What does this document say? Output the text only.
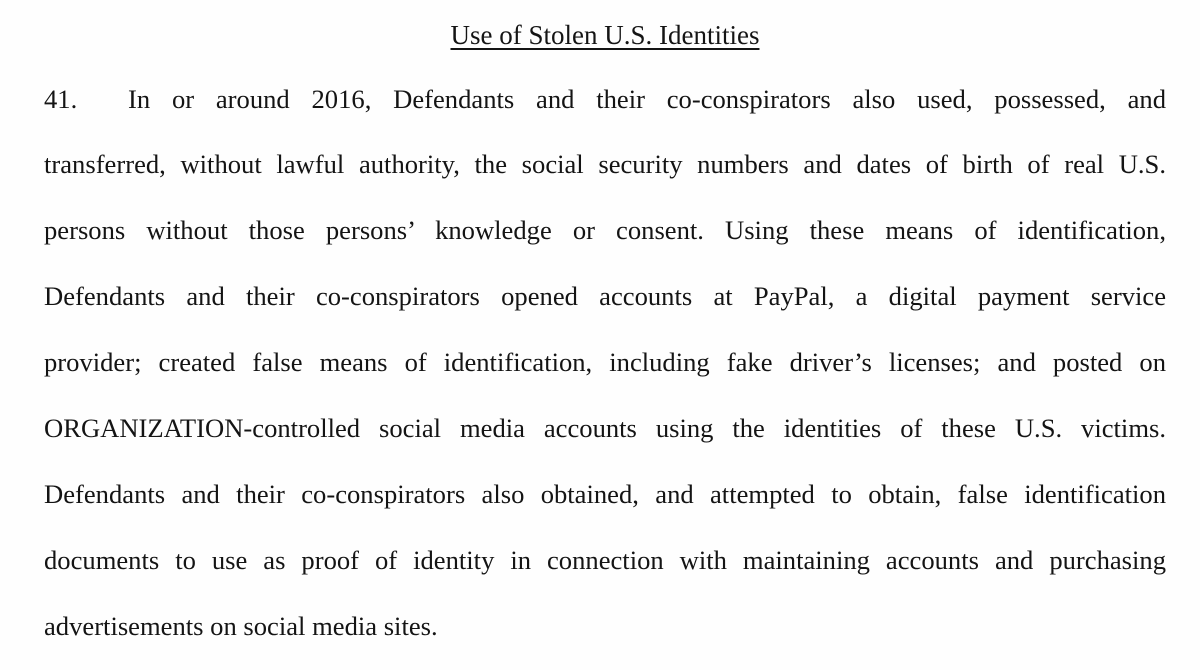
Use of Stolen U.S. Identities
41.	In or around 2016, Defendants and their co-conspirators also used, possessed, and
transferred, without lawful authority, the social security numbers and dates of birth of real U.S.
persons without those persons’ knowledge or consent. Using these means of identification,
Defendants and their co-conspirators opened accounts at PayPal, a digital payment service
provider; created false means of identification, including fake driver’s licenses; and posted on
ORGANIZATION-controlled social media accounts using the identities of these U.S. victims.
Defendants and their co-conspirators also obtained, and attempted to obtain, false identification
documents to use as proof of identity in connection with maintaining accounts and purchasing
advertisements on social media sites.
